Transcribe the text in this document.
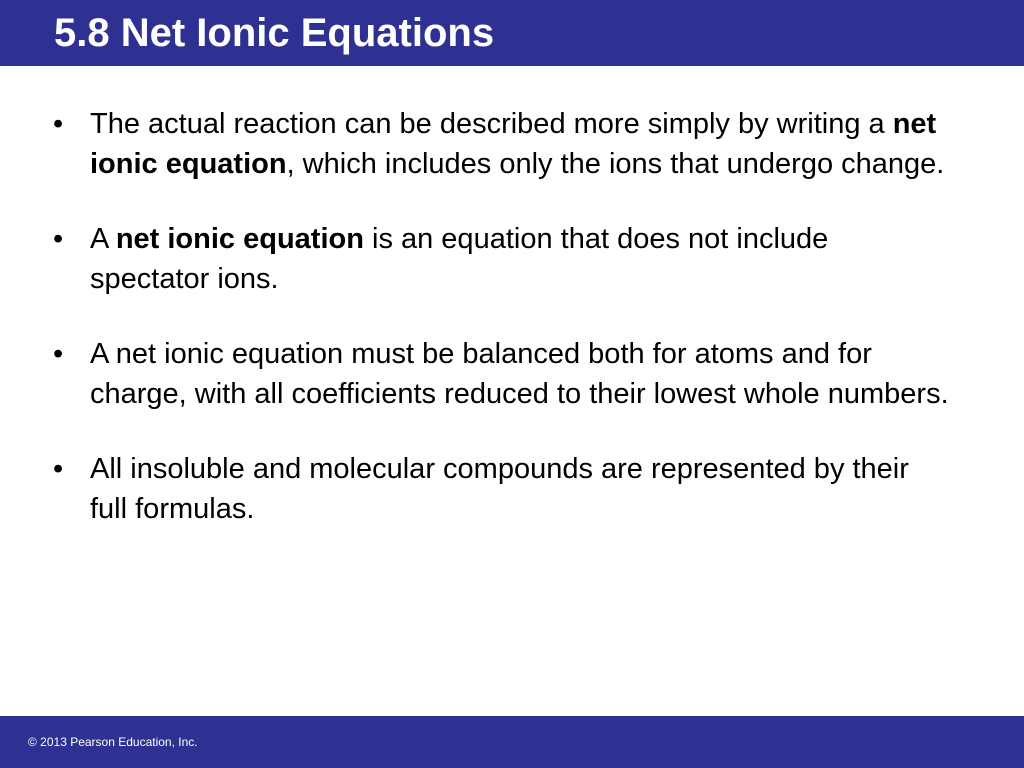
5.8 Net Ionic Equations
• The actual reaction can be described more simply by writing a net ionic equation, which includes only the ions that undergo change.
• A net ionic equation is an equation that does not include spectator ions.
• A net ionic equation must be balanced both for atoms and for charge, with all coefficients reduced to their lowest whole numbers.
• All insoluble and molecular compounds are represented by their full formulas.
© 2013 Pearson Education, Inc.
